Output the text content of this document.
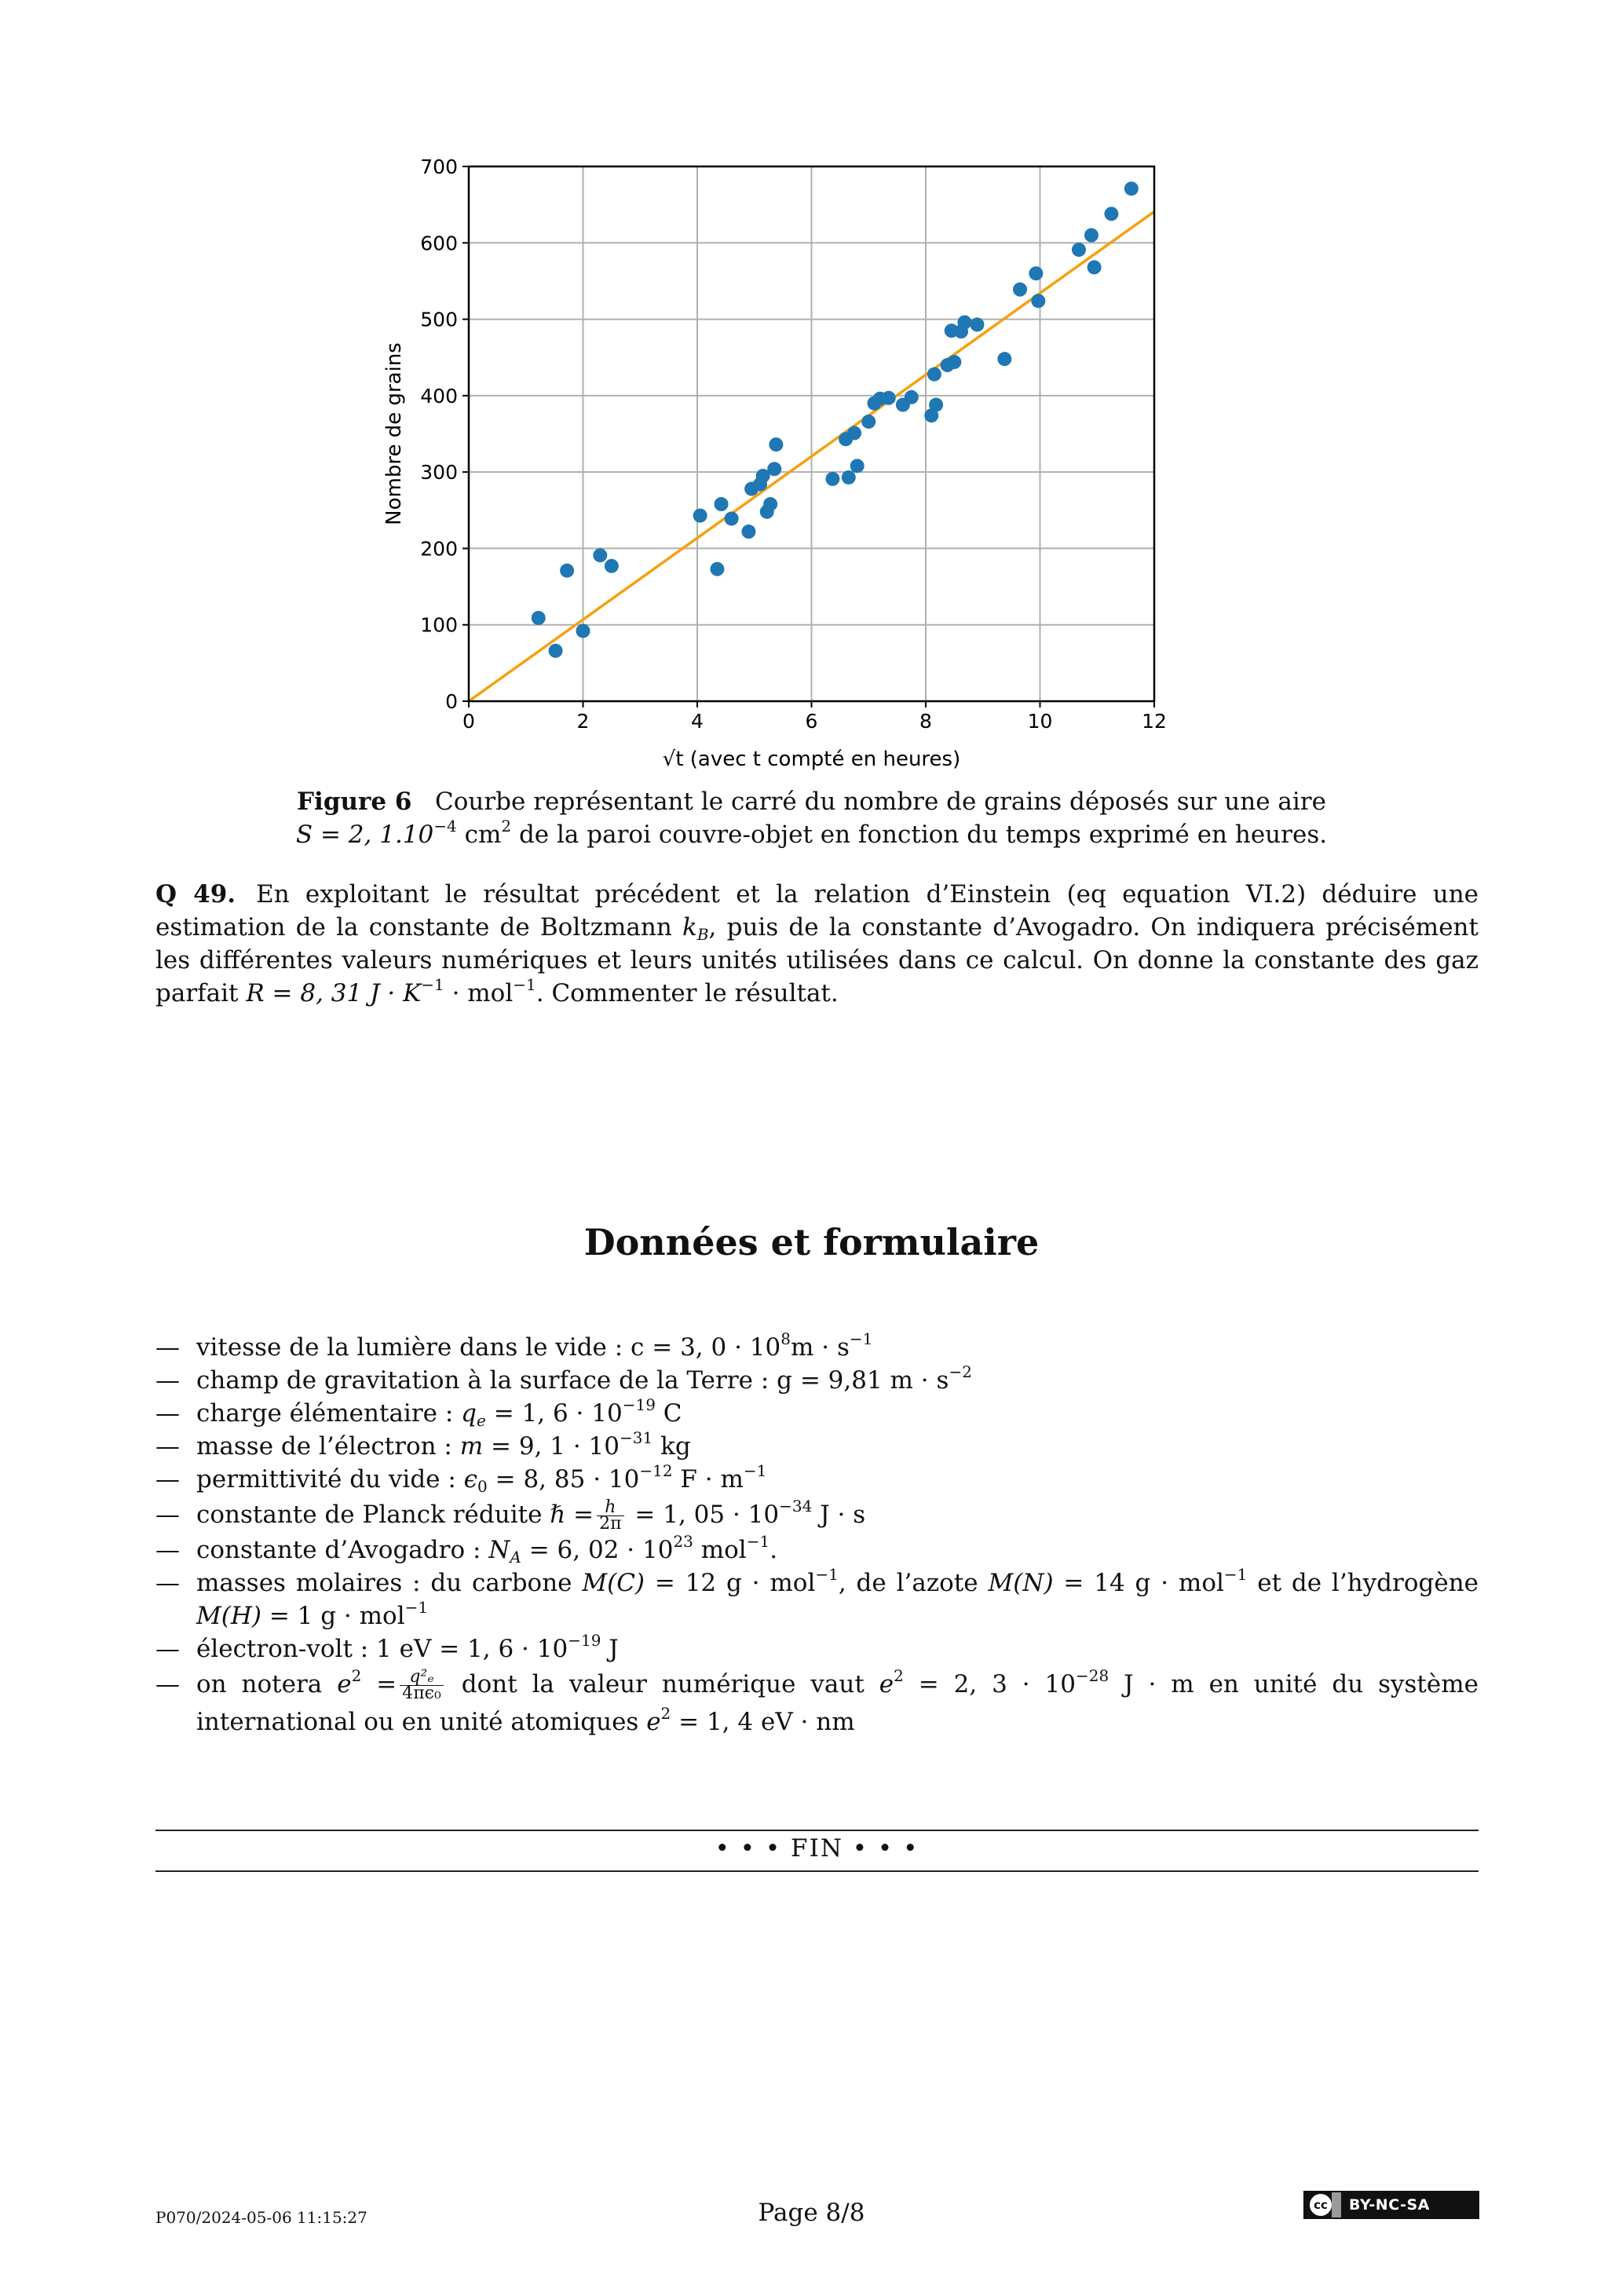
0	2	4	6	8	10	12
0
100
200
300
400
500
600
700
√t (avec t compté en heures)
Nombre de grains
Figure 6 Courbe représentant le carré du nombre de grains déposés sur une aire
S = 2, $1.10^{-4}$ $cm^2$ de la paroi couvre-objet en fonction du temps exprimé en heures.
Q 49. En exploitant le résultat précédent et la relation d’Einstein (eq equation VI.2) déduire une estimation de la constante de Boltzmann $k_B$, puis de la constante d’Avogadro. On indiquera précisément les différentes valeurs numériques et leurs unités utilisées dans ce calcul. On donne la constante des gaz parfait R = 8, 31 $J \cdot K^{-1} \cdot mol^{-1}$. Commenter le résultat.
Données et formulaire
— vitesse de la lumière dans le vide : c = 3, $0 \cdot 10^8m \cdot s^{-1}$
— champ de gravitation à la surface de la Terre : g = 9,81 $m \cdot s^{-2}$
— charge élémentaire : $q_e = 1$, $6 \cdot 10^{-19}$ C
— masse de l’électron : m = 9, $1 \cdot 10^{-31}$ kg
— permittivité du vide : $\epsilon_0 = 8$, $85 \cdot 10^{-12}$ $F \cdot m^{-1}$
— constante de Planck réduite ℏ = $\frac{h}{2\pi} = 1$, $05 \cdot 10^{-34}$ J · s
— constante d’Avogadro : $N_A = 6$, $02 \cdot 10^{23}$ mol$^{-1}$.
— masses molaires : du carbone M(C) = 12 g · mol$^{-1}$, de l’azote M(N) = 14 g · mol$^{-1}$ et de l’hydrogène M(H) = 1 g · mol$^{-1}$
— électron-volt : 1 eV = 1, $6 \cdot 10^{-19}$ J
— on notera $e^2 = \frac{\text{q²ₑ}}{\text{4πϵ₀}}$ dont la valeur numérique vaut $e^2 = 2$, $3 \cdot 10^{-28}$ J · m en unité du système international ou en unité atomiques $e^2 = 1$, 4 eV · nm
• • • FIN • • •
P070/2024-05-06 11:15:27	Page 8/8	cc	BY-NC-SA
